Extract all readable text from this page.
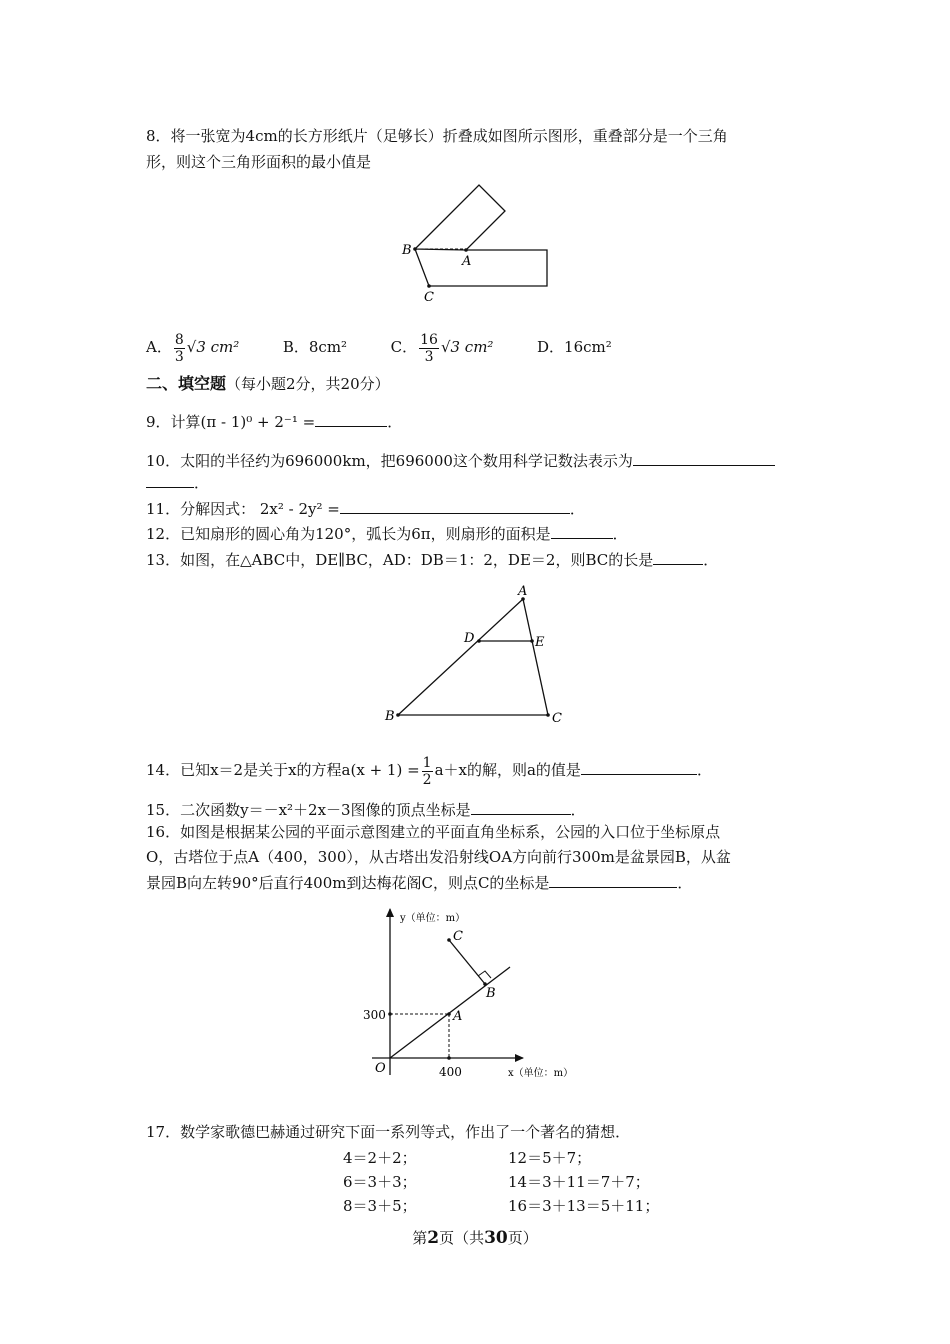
8．将一张宽为4cm的长方形纸片（足够长）折叠成如图所示图形，重叠部分是一个三角
形，则这个三角形面积的最小值是
B
A
C
A． $\frac{8}{3} √3$ cm²	B．8cm²	C． $\frac{16}{3} √3$ cm²	D．16cm²
二、填空题（每小题2分，共20分）
9．计算(π - 1)⁰ + 2⁻¹ =	．
10．太阳的半径约为696000km，把696000这个数用科学记数法表示为
．
11．分解因式： 2x² - 2y² =	．
12．已知扇形的圆心角为120°，弧长为6π，则扇形的面积是	．
13．如图，在△ABC中，DE∥BC，AD：DB＝1：2，DE＝2，则BC的长是	．
A
D	E
B	C
14．已知x＝2是关于x的方程$a(x + 1) = \frac{1}{2} a+x$的解，则a的值是	．
15．二次函数y＝－x²＋2x－3图像的顶点坐标是	．
16．如图是根据某公园的平面示意图建立的平面直角坐标系，公园的入口位于坐标原点
O，古塔位于点A（400，300），从古塔出发沿射线OA方向前行300m是盆景园B，从盆
景园B向左转90°后直行400m到达梅花阁C，则点C的坐标是	．
y（单位：m）
x（单位：m）
O
A
B
C
300
400
17．数学家歌德巴赫通过研究下面一系列等式，作出了一个著名的猜想．
4＝2＋2；	12＝5＋7；
6＝3＋3；	14＝3＋11＝7＋7；
8＝3＋5；	16＝3＋13＝5＋11；
第2页（共30页）
